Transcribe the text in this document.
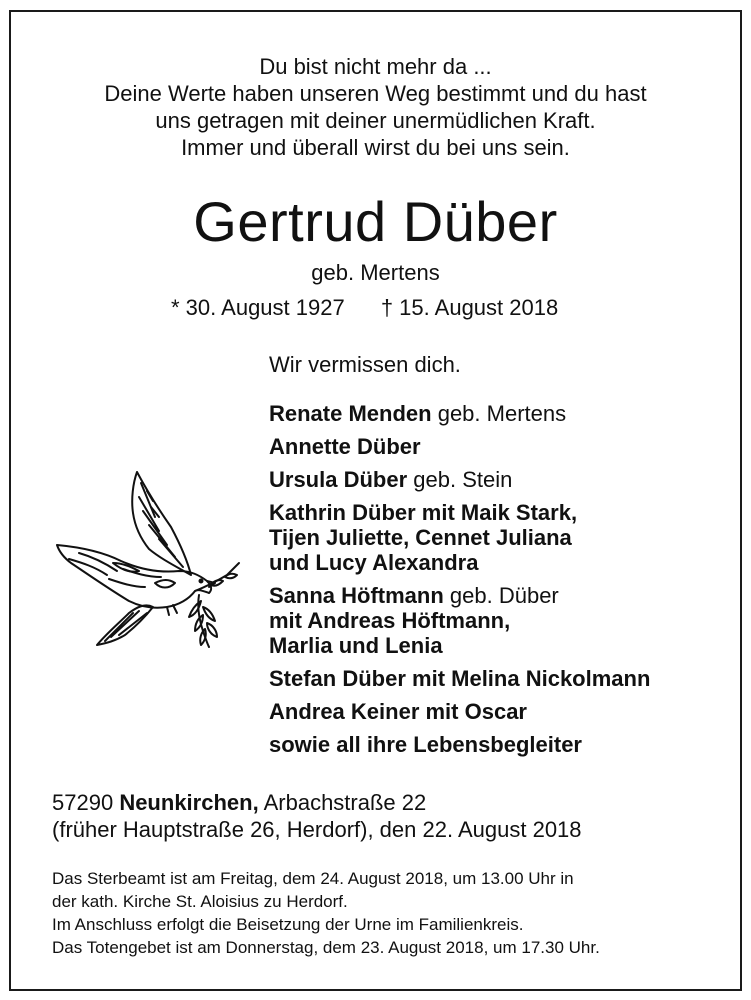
Du bist nicht mehr da ...
Deine Werte haben unseren Weg bestimmt und du hast
uns getragen mit deiner unermüdlichen Kraft.
Immer und überall wirst du bei uns sein.
Gertrud Düber
geb. Mertens
* 30. August 1927 † 15. August 2018
Wir vermissen dich.
Renate Menden geb. Mertens
Annette Düber
Ursula Düber geb. Stein
Kathrin Düber mit Maik Stark,
Tijen Juliette, Cennet Juliana
und Lucy Alexandra
Sanna Höftmann geb. Düber
mit Andreas Höftmann,
Marlia und Lenia
Stefan Düber mit Melina Nickolmann
Andrea Keiner mit Oscar
sowie all ihre Lebensbegleiter
57290 Neunkirchen, Arbachstraße 22
(früher Hauptstraße 26, Herdorf), den 22. August 2018
Das Sterbeamt ist am Freitag, dem 24. August 2018, um 13.00 Uhr in
der kath. Kirche St. Aloisius zu Herdorf.
Im Anschluss erfolgt die Beisetzung der Urne im Familienkreis.
Das Totengebet ist am Donnerstag, dem 23. August 2018, um 17.30 Uhr.
